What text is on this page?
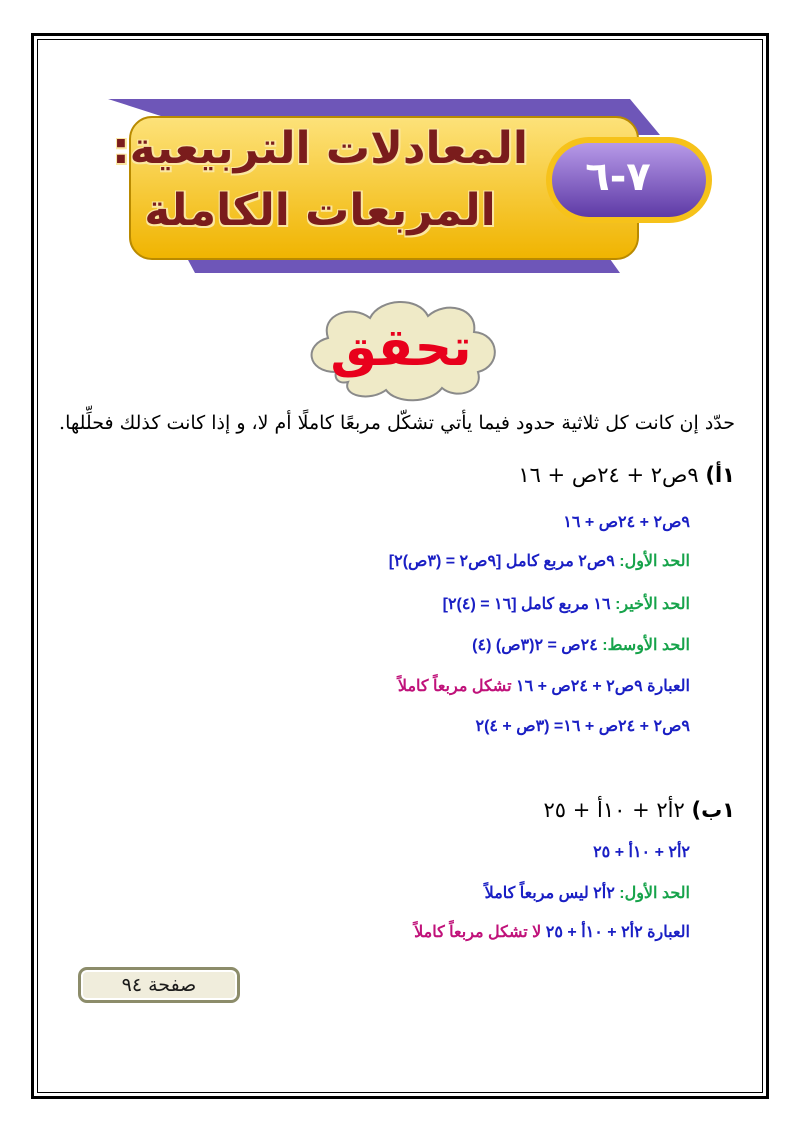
المعادلات التربيعية:
المربعات الكاملة
٧-٦
تحقق
حدّد إن كانت كل ثلاثية حدود فيما يأتي تشكّل مربعًا كاملًا أم لا، و إذا كانت كذلك فحلِّلها.
١أ) ٩ص٢ + ٢٤ص + ١٦
٩ص٢ + ٢٤ص + ١٦
الحد الأول: ٩ص٢ مربع كامل [٩ص٢ = (٣ص)٢]
الحد الأخير: ١٦ مربع كامل [١٦ = (٤)٢]
الحد الأوسط: ٢٤ص = ٢(٣ص) (٤)
العبارة ٩ص٢ + ٢٤ص + ١٦ تشكل مربعاً كاملاً
٩ص٢ + ٢٤ص + ١٦= (٣ص + ٤)٢
١ب) ٢أ٢ + ١٠أ + ٢٥
٢أ٢ + ١٠أ + ٢٥
الحد الأول: ٢أ٢ ليس مربعاً كاملاً
العبارة ٢أ٢ + ١٠أ + ٢٥ لا تشكل مربعاً كاملاً
صفحة ٩٤
